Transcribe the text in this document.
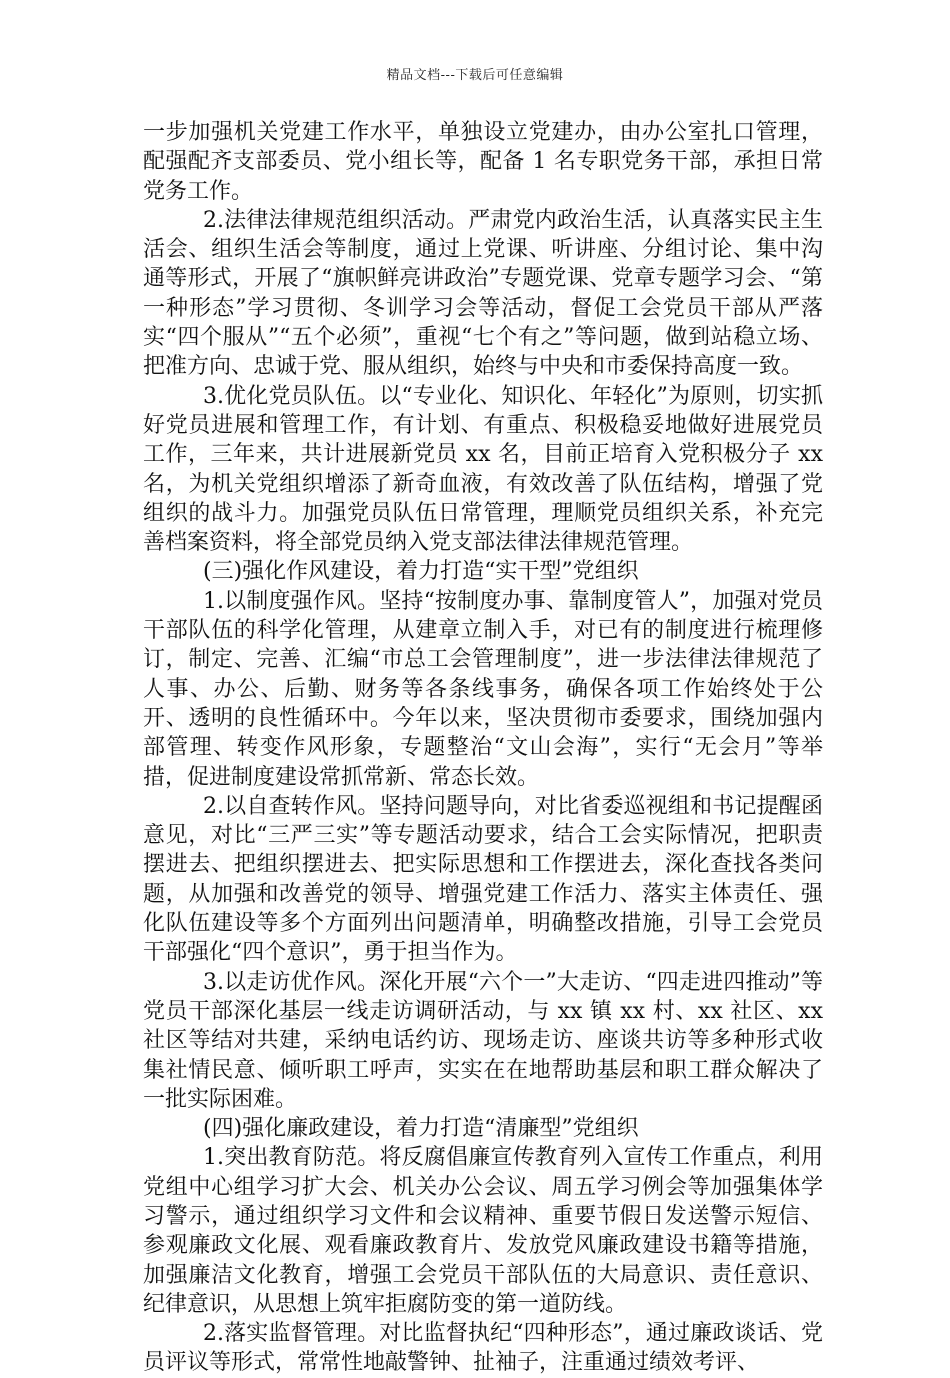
精品文档---下载后可任意编辑

一步加强机关党建工作水平，单独设立党建办，由办公室扎口管理，配强配齐支部委员、党小组长等，配备 1 名专职党务干部，承担日常党务工作。

2.法律法律规范组织活动。严肃党内政治生活，认真落实民主生活会、组织生活会等制度，通过上党课、听讲座、分组讨论、集中沟通等形式，开展了“旗帜鲜亮讲政治”专题党课、党章专题学习会、“第一种形态”学习贯彻、冬训学习会等活动，督促工会党员干部从严落实“四个服从”“五个必须”，重视“七个有之”等问题，做到站稳立场、把准方向、忠诚于党、服从组织，始终与中央和市委保持高度一致。

3.优化党员队伍。以“专业化、知识化、年轻化”为原则，切实抓好党员进展和管理工作，有计划、有重点、积极稳妥地做好进展党员工作，三年来，共计进展新党员 xx 名，目前正培育入党积极分子 xx 名，为机关党组织增添了新奇血液，有效改善了队伍结构，增强了党组织的战斗力。加强党员队伍日常管理，理顺党员组织关系，补充完善档案资料，将全部党员纳入党支部法律法律规范管理。

(三)强化作风建设，着力打造“实干型”党组织

1.以制度强作风。坚持“按制度办事、靠制度管人”，加强对党员干部队伍的科学化管理，从建章立制入手，对已有的制度进行梳理修订，制定、完善、汇编“市总工会管理制度”，进一步法律法律规范了人事、办公、后勤、财务等各条线事务，确保各项工作始终处于公开、透明的良性循环中。今年以来，坚决贯彻市委要求，围绕加强内部管理、转变作风形象，专题整治“文山会海”，实行“无会月”等举措，促进制度建设常抓常新、常态长效。

2.以自查转作风。坚持问题导向，对比省委巡视组和书记提醒函意见，对比“三严三实”等专题活动要求，结合工会实际情况，把职责摆进去、把组织摆进去、把实际思想和工作摆进去，深化查找各类问题，从加强和改善党的领导、增强党建工作活力、落实主体责任、强化队伍建设等多个方面列出问题清单，明确整改措施，引导工会党员干部强化“四个意识”，勇于担当作为。

3.以走访优作风。深化开展“六个一”大走访、“四走进四推动”等党员干部深化基层一线走访调研活动，与 xx 镇 xx 村、xx 社区、xx 社区等结对共建，采纳电话约访、现场走访、座谈共访等多种形式收集社情民意、倾听职工呼声，实实在在地帮助基层和职工群众解决了一批实际困难。

(四)强化廉政建设，着力打造“清廉型”党组织

1.突出教育防范。将反腐倡廉宣传教育列入宣传工作重点，利用党组中心组学习扩大会、机关办公会议、周五学习例会等加强集体学习警示，通过组织学习文件和会议精神、重要节假日发送警示短信、参观廉政文化展、观看廉政教育片、发放党风廉政建设书籍等措施，加强廉洁文化教育，增强工会党员干部队伍的大局意识、责任意识、纪律意识，从思想上筑牢拒腐防变的第一道防线。

2.落实监督管理。对比监督执纪“四种形态”，通过廉政谈话、党员评议等形式，常常性地敲警钟、扯袖子，注重通过绩效考评、
